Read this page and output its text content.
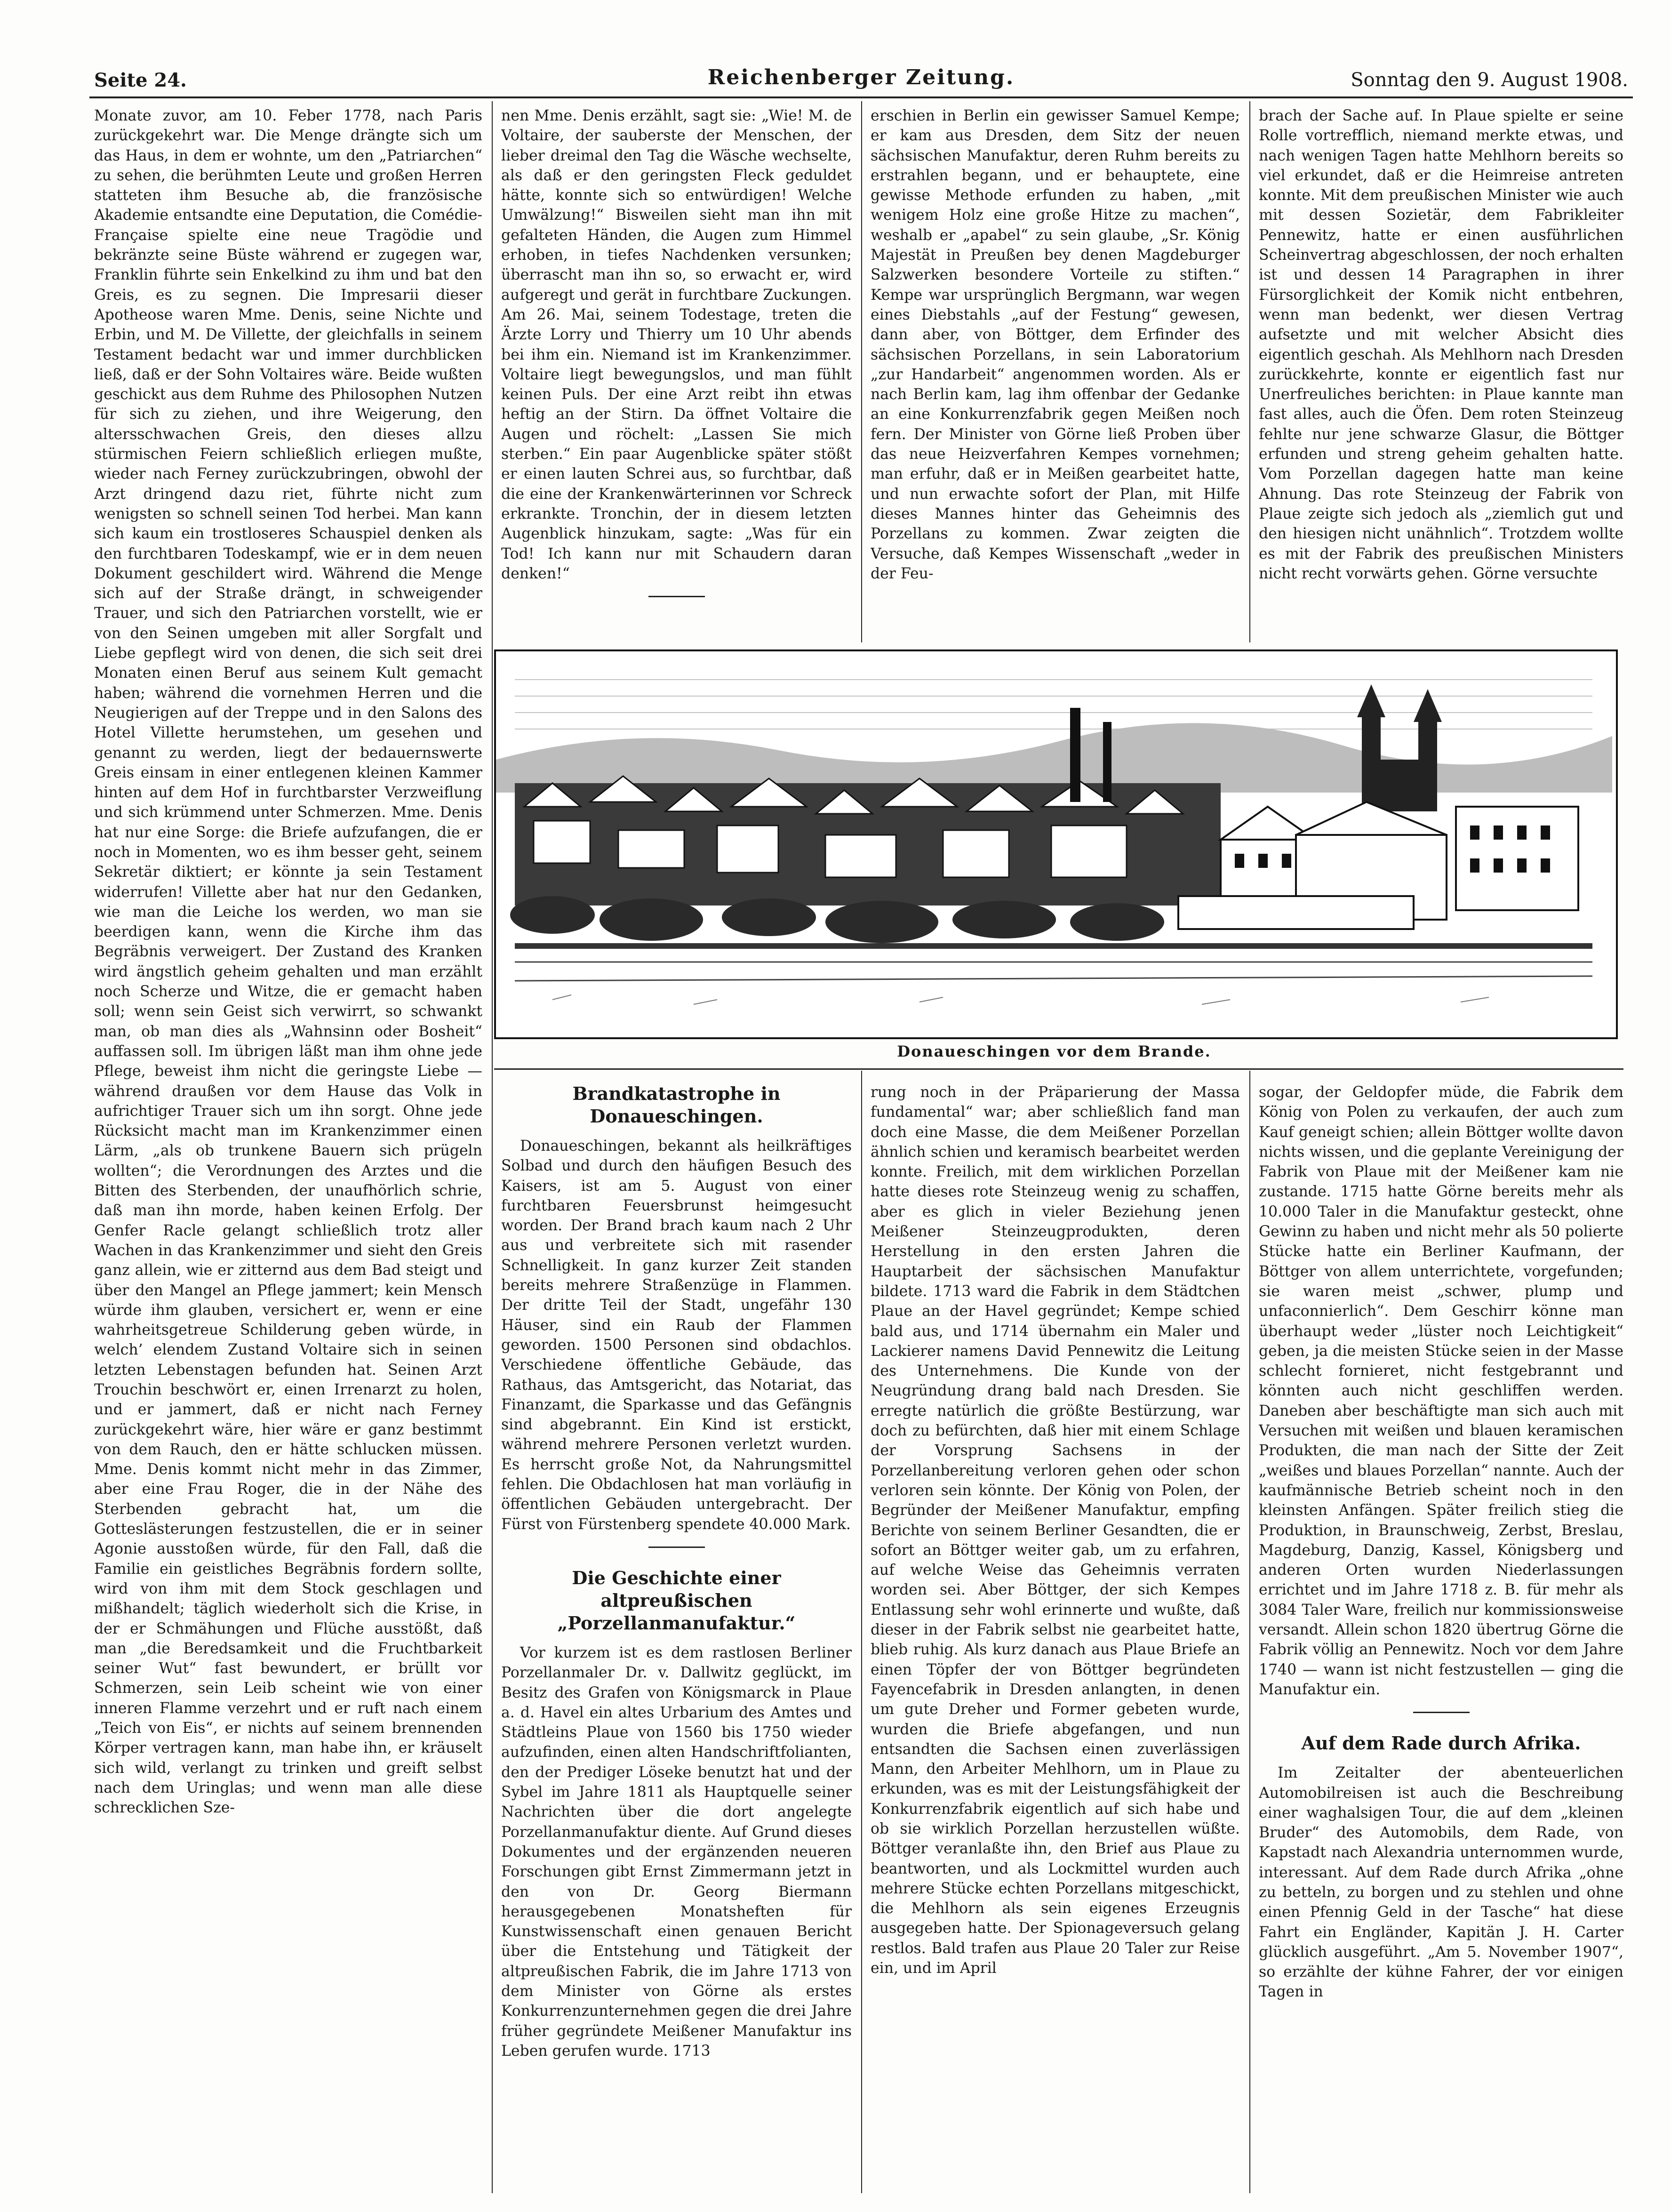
Seite 24.	Reichenberger Zeitung.	Sonntag den 9. August 1908.

Monate zuvor, am 10. Feber 1778, nach Paris zurückgekehrt war. Die Menge drängte sich um das Haus, in dem er wohnte, um den „Patriarchen“ zu sehen, die berühmten Leute und großen Herren statteten ihm Besuche ab, die französische Akademie entsandte eine Deputation, die Comédie-Française spielte eine neue Tragödie und bekränzte seine Büste während er zugegen war, Franklin führte sein Enkelkind zu ihm und bat den Greis, es zu segnen. Die Impresarii dieser Apotheose waren Mme. Denis, seine Nichte und Erbin, und M. De Villette, der gleichfalls in seinem Testament bedacht war und immer durchblicken ließ, daß er der Sohn Voltaires wäre. Beide wußten geschickt aus dem Ruhme des Philosophen Nutzen für sich zu ziehen, und ihre Weigerung, den altersschwachen Greis, den dieses allzu stürmischen Feiern schließlich erliegen mußte, wieder nach Ferney zurückzubringen, obwohl der Arzt dringend dazu riet, führte nicht zum wenigsten so schnell seinen Tod herbei. Man kann sich kaum ein trostloseres Schauspiel denken als den furchtbaren Todeskampf, wie er in dem neuen Dokument geschildert wird. Während die Menge sich auf der Straße drängt, in schweigender Trauer, und sich den Patriarchen vorstellt, wie er von den Seinen umgeben mit aller Sorgfalt und Liebe gepflegt wird von denen, die sich seit drei Monaten einen Beruf aus seinem Kult gemacht haben; während die vornehmen Herren und die Neugierigen auf der Treppe und in den Salons des Hotel Villette herumstehen, um gesehen und genannt zu werden, liegt der bedauernswerte Greis einsam in einer entlegenen kleinen Kammer hinten auf dem Hof in furchtbarster Verzweiflung und sich krümmend unter Schmerzen. Mme. Denis hat nur eine Sorge: die Briefe aufzufangen, die er noch in Momenten, wo es ihm besser geht, seinem Sekretär diktiert; er könnte ja sein Testament widerrufen! Villette aber hat nur den Gedanken, wie man die Leiche los werden, wo man sie beerdigen kann, wenn die Kirche ihm das Begräbnis verweigert. Der Zustand des Kranken wird ängstlich geheim gehalten und man erzählt noch Scherze und Witze, die er gemacht haben soll; wenn sein Geist sich verwirrt, so schwankt man, ob man dies als „Wahnsinn oder Bosheit“ auffassen soll. Im übrigen läßt man ihm ohne jede Pflege, beweist ihm nicht die geringste Liebe — während draußen vor dem Hause das Volk in aufrichtiger Trauer sich um ihn sorgt. Ohne jede Rücksicht macht man im Krankenzimmer einen Lärm, „als ob trunkene Bauern sich prügeln wollten“; die Verordnungen des Arztes und die Bitten des Sterbenden, der unaufhörlich schrie, daß man ihn morde, haben keinen Erfolg. Der Genfer Racle gelangt schließlich trotz aller Wachen in das Krankenzimmer und sieht den Greis ganz allein, wie er zitternd aus dem Bad steigt und über den Mangel an Pflege jammert; kein Mensch würde ihm glauben, versichert er, wenn er eine wahrheitsgetreue Schilderung geben würde, in welch’ elendem Zustand Voltaire sich in seinen letzten Lebenstagen befunden hat. Seinen Arzt Trouchin beschwört er, einen Irrenarzt zu holen, und er jammert, daß er nicht nach Ferney zurückgekehrt wäre, hier wäre er ganz bestimmt von dem Rauch, den er hätte schlucken müssen. Mme. Denis kommt nicht mehr in das Zimmer, aber eine Frau Roger, die in der Nähe des Sterbenden gebracht hat, um die Gotteslästerungen festzustellen, die er in seiner Agonie ausstoßen würde, für den Fall, daß die Familie ein geistliches Begräbnis fordern sollte, wird von ihm mit dem Stock geschlagen und mißhandelt; täglich wiederholt sich die Krise, in der er Schmähungen und Flüche ausstößt, daß man „die Beredsamkeit und die Fruchtbarkeit seiner Wut“ fast bewundert, er brüllt vor Schmerzen, sein Leib scheint wie von einer inneren Flamme verzehrt und er ruft nach einem „Teich von Eis“, er nichts auf seinem brennenden Körper vertragen kann, man habe ihn, er kräuselt sich wild, verlangt zu trinken und greift selbst nach dem Uringlas; und wenn man alle diese schrecklichen Sze-

nen Mme. Denis erzählt, sagt sie: „Wie! M. de Voltaire, der sauberste der Menschen, der lieber dreimal den Tag die Wäsche wechselte, als daß er den geringsten Fleck geduldet hätte, konnte sich so entwürdigen! Welche Umwälzung!“ Bisweilen sieht man ihn mit gefalteten Händen, die Augen zum Himmel erhoben, in tiefes Nachdenken versunken; überrascht man ihn so, so erwacht er, wird aufgeregt und gerät in furchtbare Zuckungen. Am 26. Mai, seinem Todestage, treten die Ärzte Lorry und Thierry um 10 Uhr abends bei ihm ein. Niemand ist im Krankenzimmer. Voltaire liegt bewegungslos, und man fühlt keinen Puls. Der eine Arzt reibt ihn etwas heftig an der Stirn. Da öffnet Voltaire die Augen und röchelt: „Lassen Sie mich sterben.“ Ein paar Augenblicke später stößt er einen lauten Schrei aus, so furchtbar, daß die eine der Krankenwärterinnen vor Schreck erkrankte. Tronchin, der in diesem letzten Augenblick hinzukam, sagte: „Was für ein Tod! Ich kann nur mit Schaudern daran denken!“

erschien in Berlin ein gewisser Samuel Kempe; er kam aus Dresden, dem Sitz der neuen sächsischen Manufaktur, deren Ruhm bereits zu erstrahlen begann, und er behauptete, eine gewisse Methode erfunden zu haben, „mit wenigem Holz eine große Hitze zu machen“, weshalb er „apabel“ zu sein glaube, „Sr. König Majestät in Preußen bey denen Magdeburger Salzwerken besondere Vorteile zu stiften.“ Kempe war ursprünglich Bergmann, war wegen eines Diebstahls „auf der Festung“ gewesen, dann aber, von Böttger, dem Erfinder des sächsischen Porzellans, in sein Laboratorium „zur Handarbeit“ angenommen worden. Als er nach Berlin kam, lag ihm offenbar der Gedanke an eine Konkurrenzfabrik gegen Meißen noch fern. Der Minister von Görne ließ Proben über das neue Heizverfahren Kempes vornehmen; man erfuhr, daß er in Meißen gearbeitet hatte, und nun erwachte sofort der Plan, mit Hilfe dieses Mannes hinter das Geheimnis des Porzellans zu kommen. Zwar zeigten die Versuche, daß Kempes Wissenschaft „weder in der Feu-

brach der Sache auf. In Plaue spielte er seine Rolle vortrefflich, niemand merkte etwas, und nach wenigen Tagen hatte Mehlhorn bereits so viel erkundet, daß er die Heimreise antreten konnte. Mit dem preußischen Minister wie auch mit dessen Sozietär, dem Fabrikleiter Pennewitz, hatte er einen ausführlichen Scheinvertrag abgeschlossen, der noch erhalten ist und dessen 14 Paragraphen in ihrer Fürsorglichkeit der Komik nicht entbehren, wenn man bedenkt, wer diesen Vertrag aufsetzte und mit welcher Absicht dies eigentlich geschah. Als Mehlhorn nach Dresden zurückkehrte, konnte er eigentlich fast nur Unerfreuliches berichten: in Plaue kannte man fast alles, auch die Öfen. Dem roten Steinzeug fehlte nur jene schwarze Glasur, die Böttger erfunden und streng geheim gehalten hatte. Vom Porzellan dagegen hatte man keine Ahnung. Das rote Steinzeug der Fabrik von Plaue zeigte sich jedoch als „ziemlich gut und den hiesigen nicht unähnlich“. Trotzdem wollte es mit der Fabrik des preußischen Ministers nicht recht vorwärts gehen. Görne versuchte

Donaueschingen vor dem Brande.
Brandkatastrophe in Donaueschingen.

Donaueschingen, bekannt als heilkräftiges Solbad und durch den häufigen Besuch des Kaisers, ist am 5. August von einer furchtbaren Feuersbrunst heimgesucht worden. Der Brand brach kaum nach 2 Uhr aus und verbreitete sich mit rasender Schnelligkeit. In ganz kurzer Zeit standen bereits mehrere Straßenzüge in Flammen. Der dritte Teil der Stadt, ungefähr 130 Häuser, sind ein Raub der Flammen geworden. 1500 Personen sind obdachlos. Verschiedene öffentliche Gebäude, das Rathaus, das Amtsgericht, das Notariat, das Finanzamt, die Sparkasse und das Gefängnis sind abgebrannt. Ein Kind ist erstickt, während mehrere Personen verletzt wurden. Es herrscht große Not, da Nahrungsmittel fehlen. Die Obdachlosen hat man vorläufig in öffentlichen Gebäuden untergebracht. Der Fürst von Fürstenberg spendete 40.000 Mark.

Die Geschichte einer altpreußischen
„Porzellanmanufaktur.“

Vor kurzem ist es dem rastlosen Berliner Porzellanmaler Dr. v. Dallwitz geglückt, im Besitz des Grafen von Königsmarck in Plaue a. d. Havel ein altes Urbarium des Amtes und Städtleins Plaue von 1560 bis 1750 wieder aufzufinden, einen alten Handschriftfolianten, den der Prediger Löseke benutzt hat und der Sybel im Jahre 1811 als Hauptquelle seiner Nachrichten über die dort angelegte Porzellanmanufaktur diente. Auf Grund dieses Dokumentes und der ergänzenden neueren Forschungen gibt Ernst Zimmermann jetzt in den von Dr. Georg Biermann herausgegebenen Monatsheften für Kunstwissenschaft einen genauen Bericht über die Entstehung und Tätigkeit der altpreußischen Fabrik, die im Jahre 1713 von dem Minister von Görne als erstes Konkurrenzunternehmen gegen die drei Jahre früher gegründete Meißener Manufaktur ins Leben gerufen wurde. 1713

rung noch in der Präparierung der Massa fundamental“ war; aber schließlich fand man doch eine Masse, die dem Meißener Porzellan ähnlich schien und keramisch bearbeitet werden konnte. Freilich, mit dem wirklichen Porzellan hatte dieses rote Steinzeug wenig zu schaffen, aber es glich in vieler Beziehung jenen Meißener Steinzeugprodukten, deren Herstellung in den ersten Jahren die Hauptarbeit der sächsischen Manufaktur bildete. 1713 ward die Fabrik in dem Städtchen Plaue an der Havel gegründet; Kempe schied bald aus, und 1714 übernahm ein Maler und Lackierer namens David Pennewitz die Leitung des Unternehmens. Die Kunde von der Neugründung drang bald nach Dresden. Sie erregte natürlich die größte Bestürzung, war doch zu befürchten, daß hier mit einem Schlage der Vorsprung Sachsens in der Porzellanbereitung verloren gehen oder schon verloren sein könnte. Der König von Polen, der Begründer der Meißener Manufaktur, empfing Berichte von seinem Berliner Gesandten, die er sofort an Böttger weiter gab, um zu erfahren, auf welche Weise das Geheimnis verraten worden sei. Aber Böttger, der sich Kempes Entlassung sehr wohl erinnerte und wußte, daß dieser in der Fabrik selbst nie gearbeitet hatte, blieb ruhig. Als kurz danach aus Plaue Briefe an einen Töpfer der von Böttger begründeten Fayencefabrik in Dresden anlangten, in denen um gute Dreher und Former gebeten wurde, wurden die Briefe abgefangen, und nun entsandten die Sachsen einen zuverlässigen Mann, den Arbeiter Mehlhorn, um in Plaue zu erkunden, was es mit der Leistungsfähigkeit der Konkurrenzfabrik eigentlich auf sich habe und ob sie wirklich Porzellan herzustellen wüßte. Böttger veranlaßte ihn, den Brief aus Plaue zu beantworten, und als Lockmittel wurden auch mehrere Stücke echten Porzellans mitgeschickt, die Mehlhorn als sein eigenes Erzeugnis ausgegeben hatte. Der Spionageversuch gelang restlos. Bald trafen aus Plaue 20 Taler zur Reise ein, und im April

sogar, der Geldopfer müde, die Fabrik dem König von Polen zu verkaufen, der auch zum Kauf geneigt schien; allein Böttger wollte davon nichts wissen, und die geplante Vereinigung der Fabrik von Plaue mit der Meißener kam nie zustande. 1715 hatte Görne bereits mehr als 10.000 Taler in die Manufaktur gesteckt, ohne Gewinn zu haben und nicht mehr als 50 polierte Stücke hatte ein Berliner Kaufmann, der Böttger von allem unterrichtete, vorgefunden; sie waren meist „schwer, plump und unfaconnierlich“. Dem Geschirr könne man überhaupt weder „lüster noch Leichtigkeit“ geben, ja die meisten Stücke seien in der Masse schlecht fornieret, nicht festgebrannt und könnten auch nicht geschliffen werden. Daneben aber beschäftigte man sich auch mit Versuchen mit weißen und blauen keramischen Produkten, die man nach der Sitte der Zeit „weißes und blaues Porzellan“ nannte. Auch der kaufmännische Betrieb scheint noch in den kleinsten Anfängen. Später freilich stieg die Produktion, in Braunschweig, Zerbst, Breslau, Magdeburg, Danzig, Kassel, Königsberg und anderen Orten wurden Niederlassungen errichtet und im Jahre 1718 z. B. für mehr als 3084 Taler Ware, freilich nur kommissionsweise versandt. Allein schon 1820 übertrug Görne die Fabrik völlig an Pennewitz. Noch vor dem Jahre 1740 — wann ist nicht festzustellen — ging die Manufaktur ein.

Auf dem Rade durch Afrika.

Im Zeitalter der abenteuerlichen Automobilreisen ist auch die Beschreibung einer waghalsigen Tour, die auf dem „kleinen Bruder“ des Automobils, dem Rade, von Kapstadt nach Alexandria unternommen wurde, interessant. Auf dem Rade durch Afrika „ohne zu betteln, zu borgen und zu stehlen und ohne einen Pfennig Geld in der Tasche“ hat diese Fahrt ein Engländer, Kapitän J. H. Carter glücklich ausgeführt. „Am 5. November 1907“, so erzählte der kühne Fahrer, der vor einigen Tagen in
